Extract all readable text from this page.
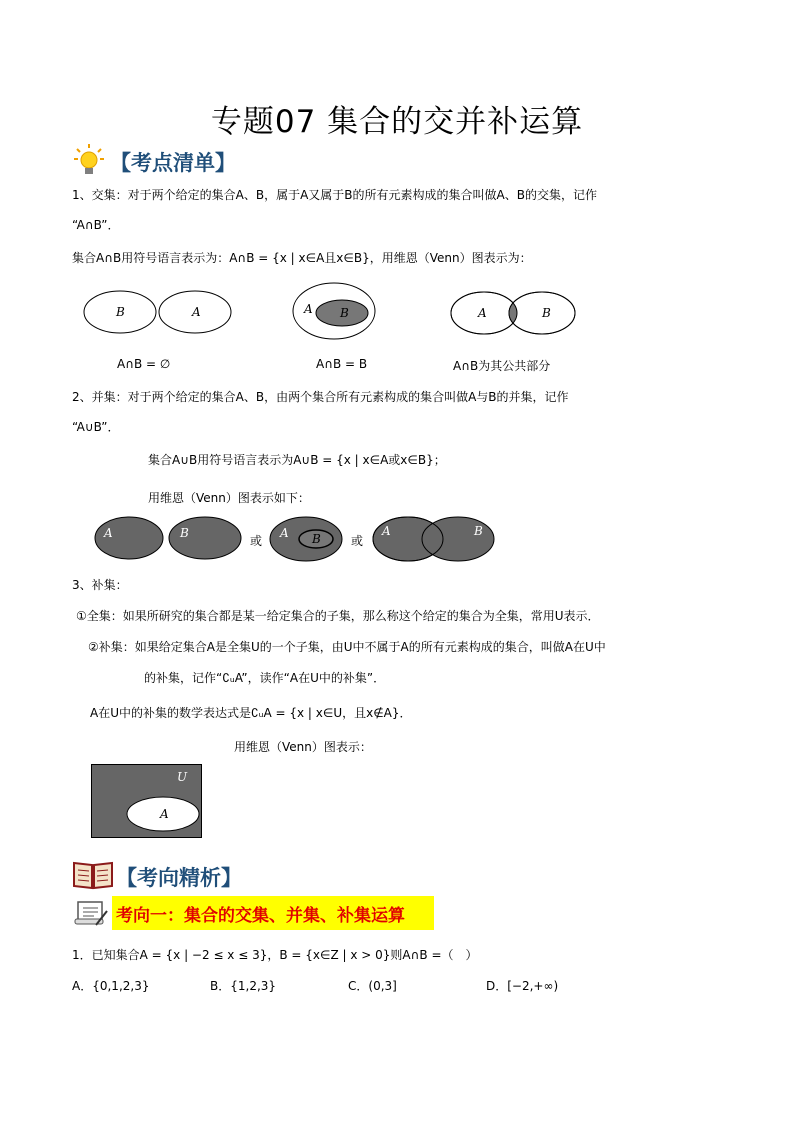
专题07 集合的交并补运算
【考点清单】
1、交集：对于两个给定的集合A、B，属于A又属于B的所有元素构成的集合叫做A、B的交集，记作
“A∩B”．
集合A∩B用符号语言表示为：A∩B = {x | x∈A且x∈B}，用维恩（Venn）图表示为：
B	A
A∩B = ∅
A B
A∩B = B
A	B
A∩B为其公共部分
2、并集：对于两个给定的集合A、B，由两个集合所有元素构成的集合叫做A与B的并集，记作
“A∪B”．
集合A∪B用符号语言表示为A∪B = {x | x∈A或x∈B}；
用维恩（Venn）图表示如下：
A	B
或
A B	或
A	B
3、补集：
①全集：如果所研究的集合都是某一给定集合的子集，那么称这个给定的集合为全集，常用U表示．
②补集：如果给定集合A是全集U的一个子集，由U中不属于A的所有元素构成的集合，叫做A在U中
的补集，记作“∁ᵤA”，读作“A在U中的补集”．
A在U中的补集的数学表达式是∁ᵤA = {x | x∈U，且x∉A}．
用维恩（Venn）图表示：
U
A
【考向精析】
考向一：集合的交集、并集、补集运算
1．已知集合A = {x | −2 ≤ x ≤ 3}，B = {x∈Z | x > 0}则A∩B =（　）
A．{0,1,2,3}	B．{1,2,3}	C．(0,3]	D．[−2,+∞)
